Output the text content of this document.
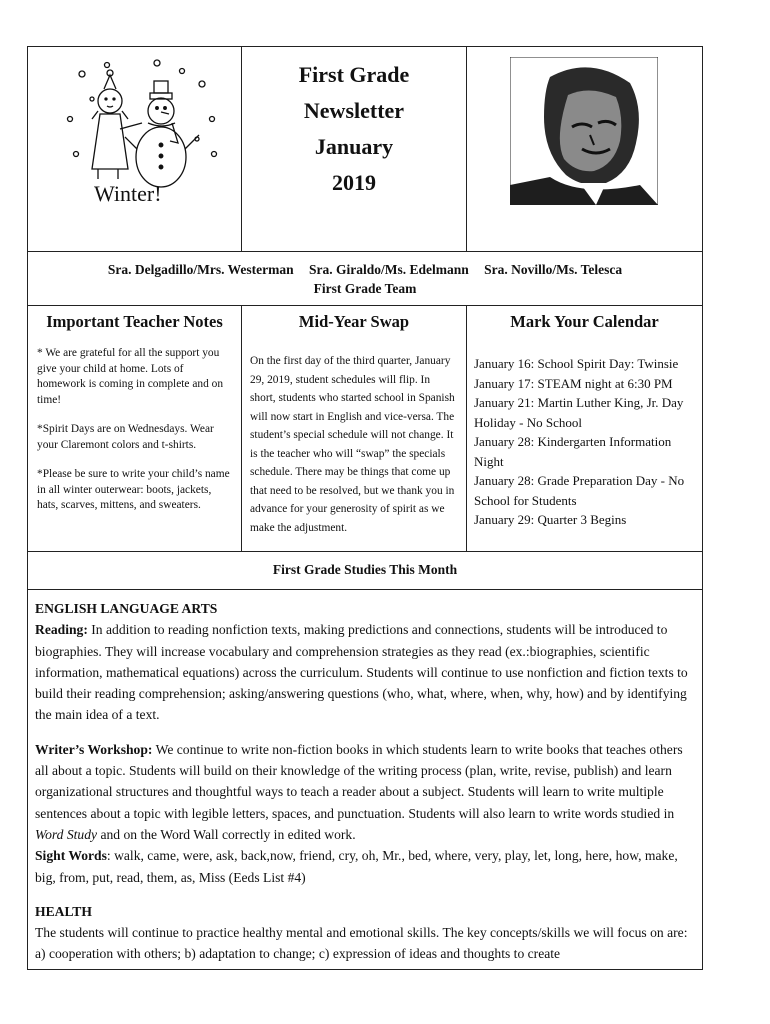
Winter!
First Grade
Newsletter
January
2019
Sra. Delgadillo/Mrs. Westerman Sra. Giraldo/Ms. Edelmann Sra. Novillo/Ms. Telesca
First Grade Team
Important Teacher Notes

* We are grateful for all the support you give your child at home. Lots of homework is coming in complete and on time!

*Spirit Days are on Wednesdays. Wear your Claremont colors and t-shirts.

*Please be sure to write your child’s name in all winter outerwear: boots, jackets, hats, scarves, mittens, and sweaters.

Mid-Year Swap
On the first day of the third quarter, January 29, 2019, student schedules will flip. In short, students who started school in Spanish will now start in English and vice-versa. The student’s special schedule will not change. It is the teacher who will “swap” the specials schedule. There may be things that come up that need to be resolved, but we thank you in advance for your generosity of spirit as we make the adjustment.
Mark Your Calendar
January 16: School Spirit Day: Twinsie
January 17: STEAM night at 6:30 PM
January 21: Martin Luther King, Jr. Day Holiday - No School
January 28: Kindergarten Information Night
January 28: Grade Preparation Day - No School for Students
January 29: Quarter 3 Begins
First Grade Studies This Month
ENGLISH LANGUAGE ARTS

Reading: In addition to reading nonfiction texts, making predictions and connections, students will be introduced to biographies. They will increase vocabulary and comprehension strategies as they read (ex.:biographies, scientific information, mathematical equations) across the curriculum. Students will continue to use nonfiction and fiction texts to build their reading comprehension; asking/answering questions (who, what, where, when, why, how) and by identifying the main idea of a text.

Writer’s Workshop: We continue to write non-fiction books in which students learn to write books that teaches others all about a topic. Students will build on their knowledge of the writing process (plan, write, revise, publish) and learn organizational structures and thoughtful ways to teach a reader about a subject. Students will learn to write multiple sentences about a topic with legible letters, spaces, and punctuation. Students will also learn to write words studied in Word Study and on the Word Wall correctly in edited work.
Sight Words: walk, came, were, ask, back,now, friend, cry, oh, Mr., bed, where, very, play, let, long, here, how, make, big, from, put, read, them, as, Miss (Eeds List #4)

HEALTH
The students will continue to practice healthy mental and emotional skills. The key concepts/skills we will focus on are: a) cooperation with others; b) adaptation to change; c) expression of ideas and thoughts to create
